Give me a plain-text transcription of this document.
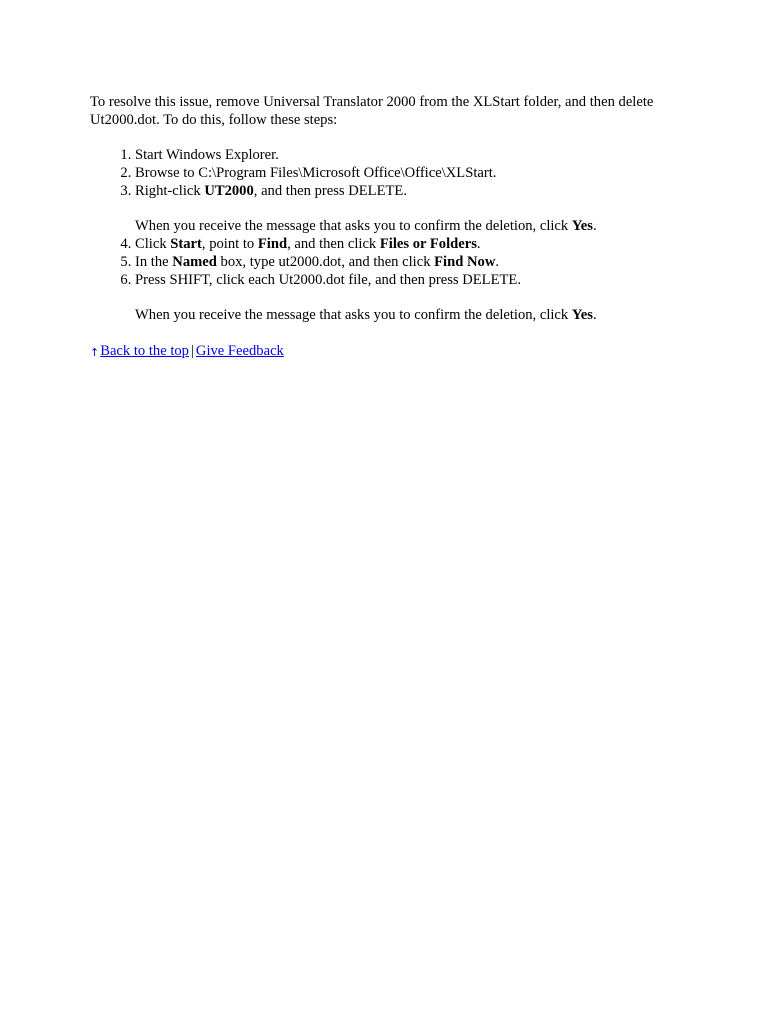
To resolve this issue, remove Universal Translator 2000 from the XLStart folder, and then delete Ut2000.dot. To do this, follow these steps:

1. Start Windows Explorer.
2. Browse to C:\Program Files\Microsoft Office\Office\XLStart.
3. Right-click UT2000, and then press DELETE.
When you receive the message that asks you to confirm the deletion, click Yes.
4. Click Start, point to Find, and then click Files or Folders.
5. In the Named box, type ut2000.dot, and then click Find Now.
6. Press SHIFT, click each Ut2000.dot file, and then press DELETE.
When you receive the message that asks you to confirm the deletion, click Yes.
↑Back to the top | Give Feedback
